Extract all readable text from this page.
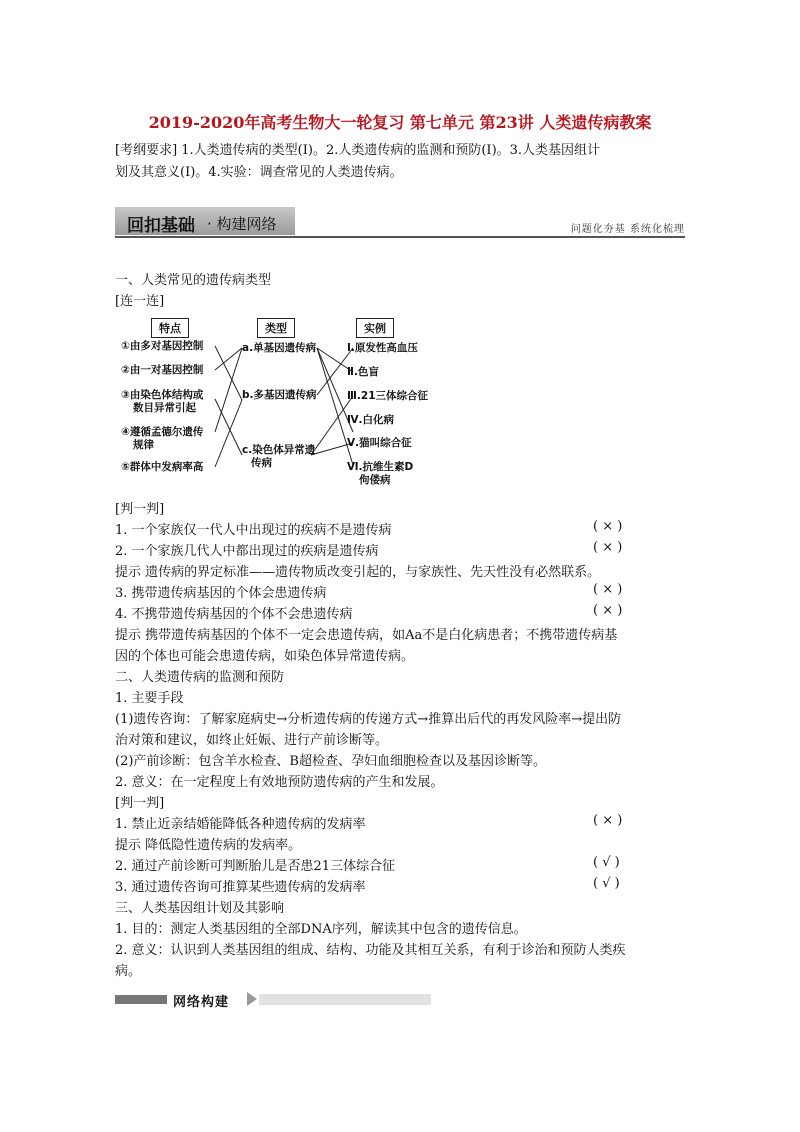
2019-2020年高考生物大一轮复习 第七单元 第23讲 人类遗传病教案
[考纲要求] 1.人类遗传病的类型(Ⅰ)。2.人类遗传病的监测和预防(Ⅰ)。3.人类基因组计
划及其意义(Ⅰ)。4.实验：调查常见的人类遗传病。
回扣基础 · 构建网络	问题化夯基 系统化梳理
一、人类常见的遗传病类型
[连一连]
特点	类型	实例
①由多对基因控制
②由一对基因控制
③由染色体结构或
数目异常引起
④遵循孟德尔遗传
规律
⑤群体中发病率高
a.单基因遗传病
b.多基因遗传病
c.染色体异常遗
传病
Ⅰ.原发性高血压
Ⅱ.色盲
Ⅲ.21三体综合征
Ⅳ.白化病
Ⅴ.猫叫综合征
Ⅵ.抗维生素D
佝偻病
[判一判]
1. 一个家族仅一代人中出现过的疾病不是遗传病	( × )
2. 一个家族几代人中都出现过的疾病是遗传病	( × )
提示 遗传病的界定标准——遗传物质改变引起的，与家族性、先天性没有必然联系。
3. 携带遗传病基因的个体会患遗传病	( × )
4. 不携带遗传病基因的个体不会患遗传病	( × )
提示 携带遗传病基因的个体不一定会患遗传病，如Aa不是白化病患者；不携带遗传病基
因的个体也可能会患遗传病，如染色体异常遗传病。
二、人类遗传病的监测和预防
1. 主要手段
(1)遗传咨询：了解家庭病史→分析遗传病的传递方式→推算出后代的再发风险率→提出防
治对策和建议，如终止妊娠、进行产前诊断等。
(2)产前诊断：包含羊水检查、B超检查、孕妇血细胞检查以及基因诊断等。
2. 意义：在一定程度上有效地预防遗传病的产生和发展。
[判一判]
1. 禁止近亲结婚能降低各种遗传病的发病率	( × )
提示 降低隐性遗传病的发病率。
2. 通过产前诊断可判断胎儿是否患21三体综合征	( √ )
3. 通过遗传咨询可推算某些遗传病的发病率	( √ )
三、人类基因组计划及其影响
1. 目的：测定人类基因组的全部DNA序列，解读其中包含的遗传信息。
2. 意义：认识到人类基因组的组成、结构、功能及其相互关系，有利于诊治和预防人类疾
病。
网络构建
